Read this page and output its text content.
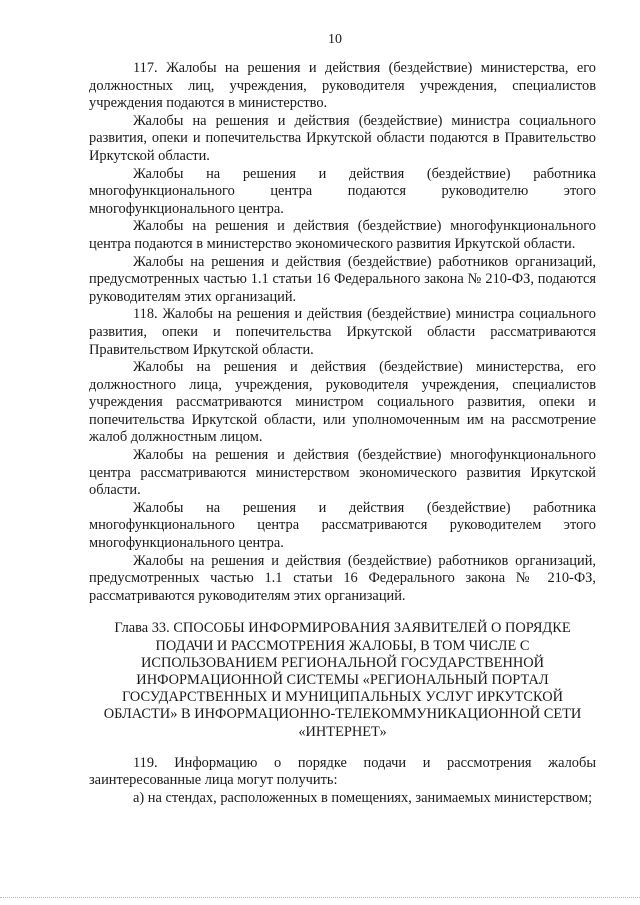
10

117. Жалобы на решения и действия (бездействие) министерства, его должностных лиц, учреждения, руководителя учреждения, специалистов учреждения подаются в министерство.

Жалобы на решения и действия (бездействие) министра социального развития, опеки и попечительства Иркутской области подаются в Правительство Иркутской области.

Жалобы на решения и действия (бездействие) работника многофункционального центра подаются руководителю этого многофункционального центра.

Жалобы на решения и действия (бездействие) многофункционального центра подаются в министерство экономического развития Иркутской области.

Жалобы на решения и действия (бездействие) работников организаций, предусмотренных частью 1.1 статьи 16 Федерального закона № 210-ФЗ, подаются руководителям этих организаций.

118. Жалобы на решения и действия (бездействие) министра социального развития, опеки и попечительства Иркутской области рассматриваются Правительством Иркутской области.

Жалобы на решения и действия (бездействие) министерства, его должностного лица, учреждения, руководителя учреждения, специалистов учреждения рассматриваются министром социального развития, опеки и попечительства Иркутской области, или уполномоченным им на рассмотрение жалоб должностным лицом.

Жалобы на решения и действия (бездействие) многофункционального центра рассматриваются министерством экономического развития Иркутской области.

Жалобы на решения и действия (бездействие) работника многофункционального центра рассматриваются руководителем этого многофункционального центра.

Жалобы на решения и действия (бездействие) работников организаций, предусмотренных частью 1.1 статьи 16 Федерального закона № 210-ФЗ, рассматриваются руководителям этих организаций.

Глава 33. СПОСОБЫ ИНФОРМИРОВАНИЯ ЗАЯВИТЕЛЕЙ О ПОРЯДКЕ ПОДАЧИ И РАССМОТРЕНИЯ ЖАЛОБЫ, В ТОМ ЧИСЛЕ С ИСПОЛЬЗОВАНИЕМ РЕГИОНАЛЬНОЙ ГОСУДАРСТВЕННОЙ ИНФОРМАЦИОННОЙ СИСТЕМЫ «РЕГИОНАЛЬНЫЙ ПОРТАЛ ГОСУДАРСТВЕННЫХ И МУНИЦИПАЛЬНЫХ УСЛУГ ИРКУТСКОЙ ОБЛАСТИ» В ИНФОРМАЦИОННО-ТЕЛЕКОММУНИКАЦИОННОЙ СЕТИ «ИНТЕРНЕТ»

119. Информацию о порядке подачи и рассмотрения жалобы заинтересованные лица могут получить:

а) на стендах, расположенных в помещениях, занимаемых министерством;
